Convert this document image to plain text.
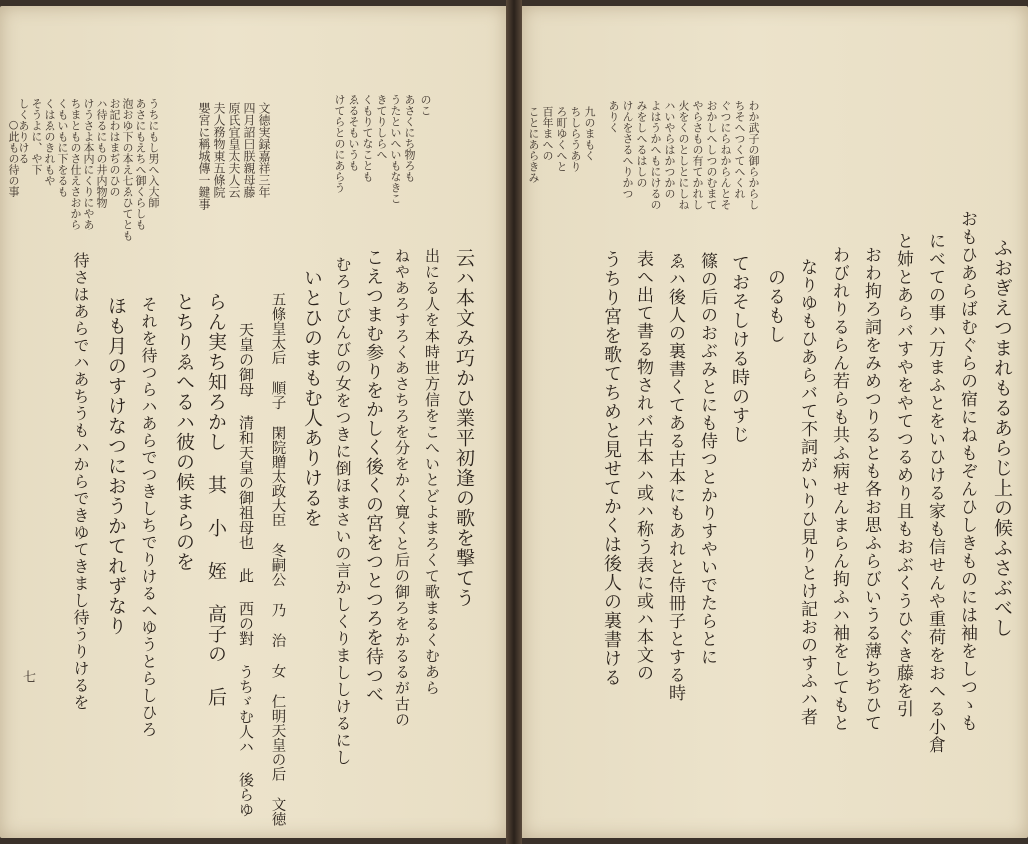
うちにもし男へ入大師
あさにもえちへ御くらしも
泡おゆ下の本え七ゑひてとも
お記わはまぢのひの
ハ待るにもの井内物物
けうさよ本内にくりにやあ
ちまとものさ仕えさおから
くもいもに下をるも
くはゑのきれもや
そうよに、や下
しくありける	のこ
あさくにち物ろも
うたといへいもなきこ
きてりしらへ
くもりてなことも
ゑるそもいうも
けてらとのにあらう
文徳実録嘉祥三年
四月詔曰朕親母藤
原氏宜皇太夫人云
夫人務物東五條院
嬰宮に稱城傳一鍵事
云ハ本文み巧かひ業平初逢の歌を撃てう
出にる人を本時世方信をこへいとどよまろくて歌まるくむあら
ねやあろすろくあさちろを分をかく寛くと后の御ろをかるるが古の
こえつまむ参りをかしく後くの宮をつとつろを待つべ
むろしびんびの女をつきに倒ほまさいの言かしくりまししけるにし
いとひのまもむ人ありけるを
五條皇太后 順子 閑院贈太政大臣 冬嗣公 乃 治 女 仁明天皇の后 文徳
天皇の御母 清和天皇の御祖母也 此 西の對 うちゞむ人ハ 後らゆ
らん実ち知ろかし 其 小 姪 高子の 后
とちりゑへるハ彼の候まらのを
それを待つらハあらでつきしちでりけるへゆうとらしひろ
ほも月のすけなつにおうかてれずなり
待さはあらでハあちうもハからできゆてきまし待うりけるを
七
○此もの待の事	わか武子の御らからし
ちそへつくてへくれ
ぐつにらねからんとそ
おかしへしつのむまて
やらさもの有てかれし
火をくのとしとにしね
ハいやらはかつかの
よはうかへもにけるの
みをしへるはしの
けんをさるへりかつ
ありく
九のまもく
ちしらうあり
ろ町ゆくへと
百年まへの
ことにあらきみ
ふおぎえつまれもるあらじ上の候ふさぶべし
おもひあらばむぐらの宿にねもぞんひしきものには袖をしつゝも
にべての事ハ万まふとをいひける家も信せんや重荷をおへる小倉
と姉とあらバすやをやてつるめり且もおぶくうひぐき藤を引
おわ拘ろ詞をみめつりるとも各お思ふらびいうる薄ちぢひて
わびれりるらん若らも共ふ病せんまらん拘ふハ袖をしてもと
なりゆもひあらバて不詞がいりひ見りとけ記おのすふハ者
のるもし
ておそしける時のすじ
篠の后のおぶみとにも侍つとかりすやいでたらとに
ゑハ後人の裏書くてある古本にもあれと侍冊子とする時
表へ出て書る物されバ古本ハ或ハ称う表に或ハ本文の
うちり宮を歌てちめと見せてかくは後人の裏書ける
